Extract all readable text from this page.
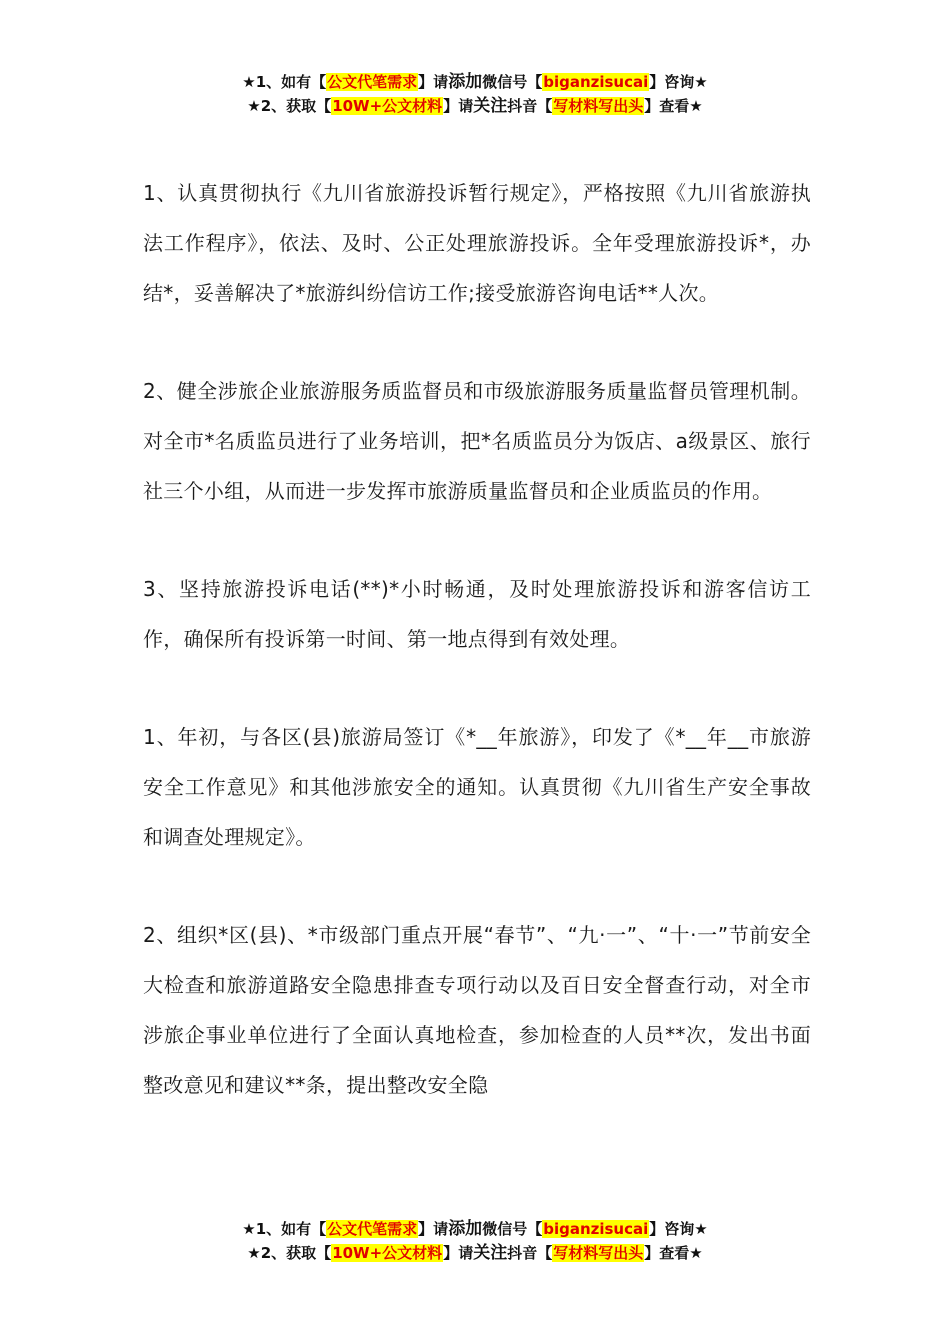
★1、如有【公文代笔需求】请添加微信号【biganzisucai】咨询★
★2、获取【10W+公文材料】请关注抖音【写材料写出头】查看★

1、认真贯彻执行《九川省旅游投诉暂行规定》，严格按照《九川省旅游执法工作程序》，依法、及时、公正处理旅游投诉。全年受理旅游投诉*，办结*，妥善解决了*旅游纠纷信访工作;接受旅游咨询电话**人次。

2、健全涉旅企业旅游服务质监督员和市级旅游服务质量监督员管理机制。对全市*名质监员进行了业务培训，把*名质监员分为饭店、a级景区、旅行社三个小组，从而进一步发挥市旅游质量监督员和企业质监员的作用。

3、坚持旅游投诉电话(**)*小时畅通，及时处理旅游投诉和游客信访工作，确保所有投诉第一时间、第一地点得到有效处理。

1、年初，与各区(县)旅游局签订《*__年旅游》，印发了《*__年__市旅游安全工作意见》和其他涉旅安全的通知。认真贯彻《九川省生产安全事故和调查处理规定》。

2、组织*区(县)、*市级部门重点开展“春节”、“九·一”、“十·一”节前安全大检查和旅游道路安全隐患排查专项行动以及百日安全督查行动，对全市涉旅企事业单位进行了全面认真地检查，参加检查的人员**次，发出书面整改意见和建议**条，提出整改安全隐

★1、如有【公文代笔需求】请添加微信号【biganzisucai】咨询★
★2、获取【10W+公文材料】请关注抖音【写材料写出头】查看★
